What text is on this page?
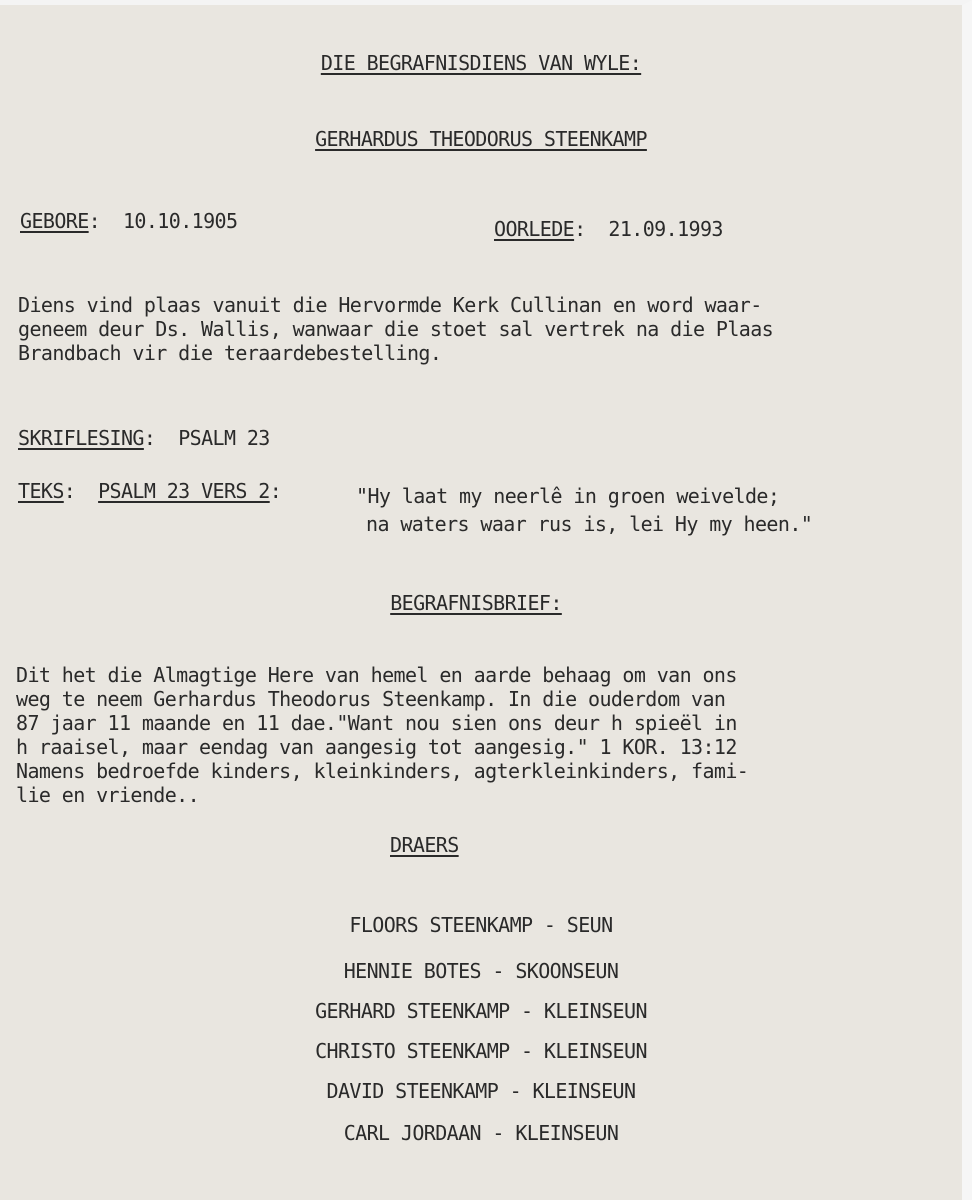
DIE BEGRAFNISDIENS VAN WYLE:
GERHARDUS THEODORUS STEENKAMP
GEBORE:  10.10.1905	OORLEDE:  21.09.1993
Diens vind plaas vanuit die Hervormde Kerk Cullinan en word waar-
geneem deur Ds. Wallis, wanwaar die stoet sal vertrek na die Plaas
Brandbach vir die teraardebestelling.
SKRIFLESING:  PSALM 23
TEKS:  PSALM 23 VERS 2:	"Hy laat my neerlê in groen weivelde;
na waters waar rus is, lei Hy my heen."
BEGRAFNISBRIEF:
Dit het die Almagtige Here van hemel en aarde behaag om van ons
weg te neem Gerhardus Theodorus Steenkamp. In die ouderdom van
87 jaar 11 maande en 11 dae."Want nou sien ons deur h spieël in
h raaisel, maar eendag van aangesig tot aangesig." 1 KOR. 13:12
Namens bedroefde kinders, kleinkinders, agterkleinkinders, fami-
lie en vriende..
DRAERS
FLOORS STEENKAMP - SEUN
HENNIE BOTES - SKOONSEUN
GERHARD STEENKAMP - KLEINSEUN
CHRISTO STEENKAMP - KLEINSEUN
DAVID STEENKAMP - KLEINSEUN
CARL JORDAAN - KLEINSEUN
